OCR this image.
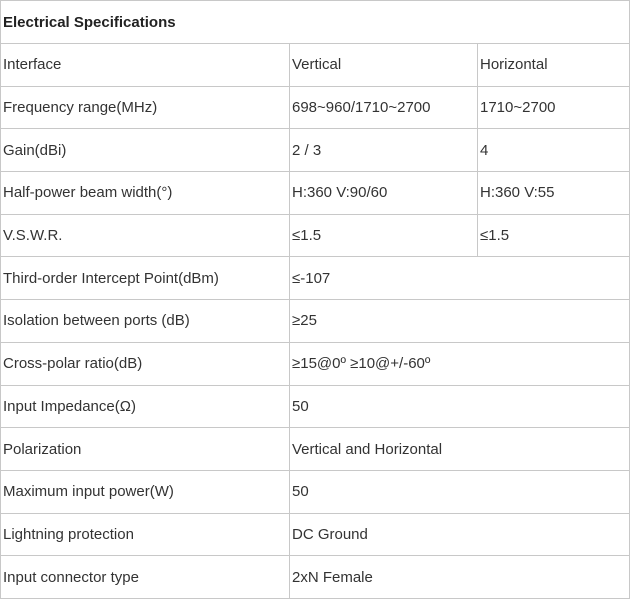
Electrical Specifications		
Interface	Vertical	Horizontal
Frequency range(MHz)	698~960/1710~2700	1710~2700
Gain(dBi)	2 / 3	4
Half-power beam width(°)	H:360 V:90/60	H:360 V:55
V.S.W.R.	≤1.5	≤1.5
Third-order Intercept Point(dBm)	≤-107	
Isolation between ports (dB)	≥25	
Cross-polar ratio(dB)	≥15@0º ≥10@+/-60º	
Input Impedance(Ω)	50	
Polarization	Vertical and Horizontal	
Maximum input power(W)	50	
Lightning protection	DC Ground	
Input connector type	2xN Female	
